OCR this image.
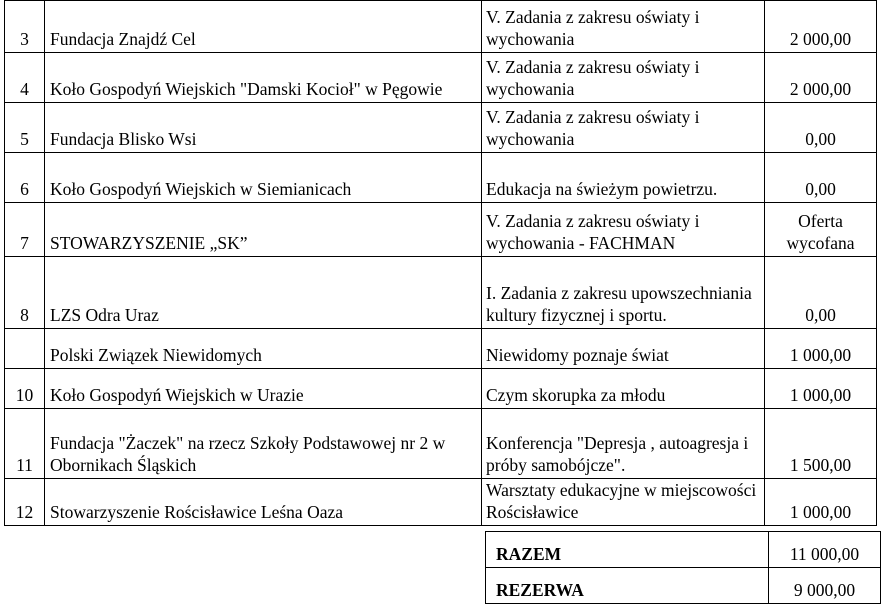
3	Fundacja Znajdź Cel	V. Zadania z zakresu oświaty i wychowania	2 000,00
4	Koło Gospodyń Wiejskich "Damski Kocioł" w Pęgowie	V. Zadania z zakresu oświaty i wychowania	2 000,00
5	Fundacja Blisko Wsi	V. Zadania z zakresu oświaty i wychowania	0,00
6	Koło Gospodyń Wiejskich w Siemianicach	Edukacja na świeżym powietrzu.	0,00
7	STOWARZYSZENIE „SK”	V. Zadania z zakresu oświaty i wychowania - FACHMAN	Oferta wycofana
8	LZS Odra Uraz	I. Zadania z zakresu upowszechniania kultury fizycznej i sportu.	0,00
	Polski Związek Niewidomych	Niewidomy poznaje świat	1 000,00
10	Koło Gospodyń Wiejskich w Urazie	Czym skorupka za młodu	1 000,00
11	Fundacja "Żaczek" na rzecz Szkoły Podstawowej nr 2 w Obornikach Śląskich	Konferencja "Depresja , autoagresja i próby samobójcze".	1 500,00
12	Stowarzyszenie Rościsławice Leśna Oaza	Warsztaty edukacyjne w miejscowości Rościsławice	1 000,00
RAZEM	11 000,00
REZERWA	9 000,00
